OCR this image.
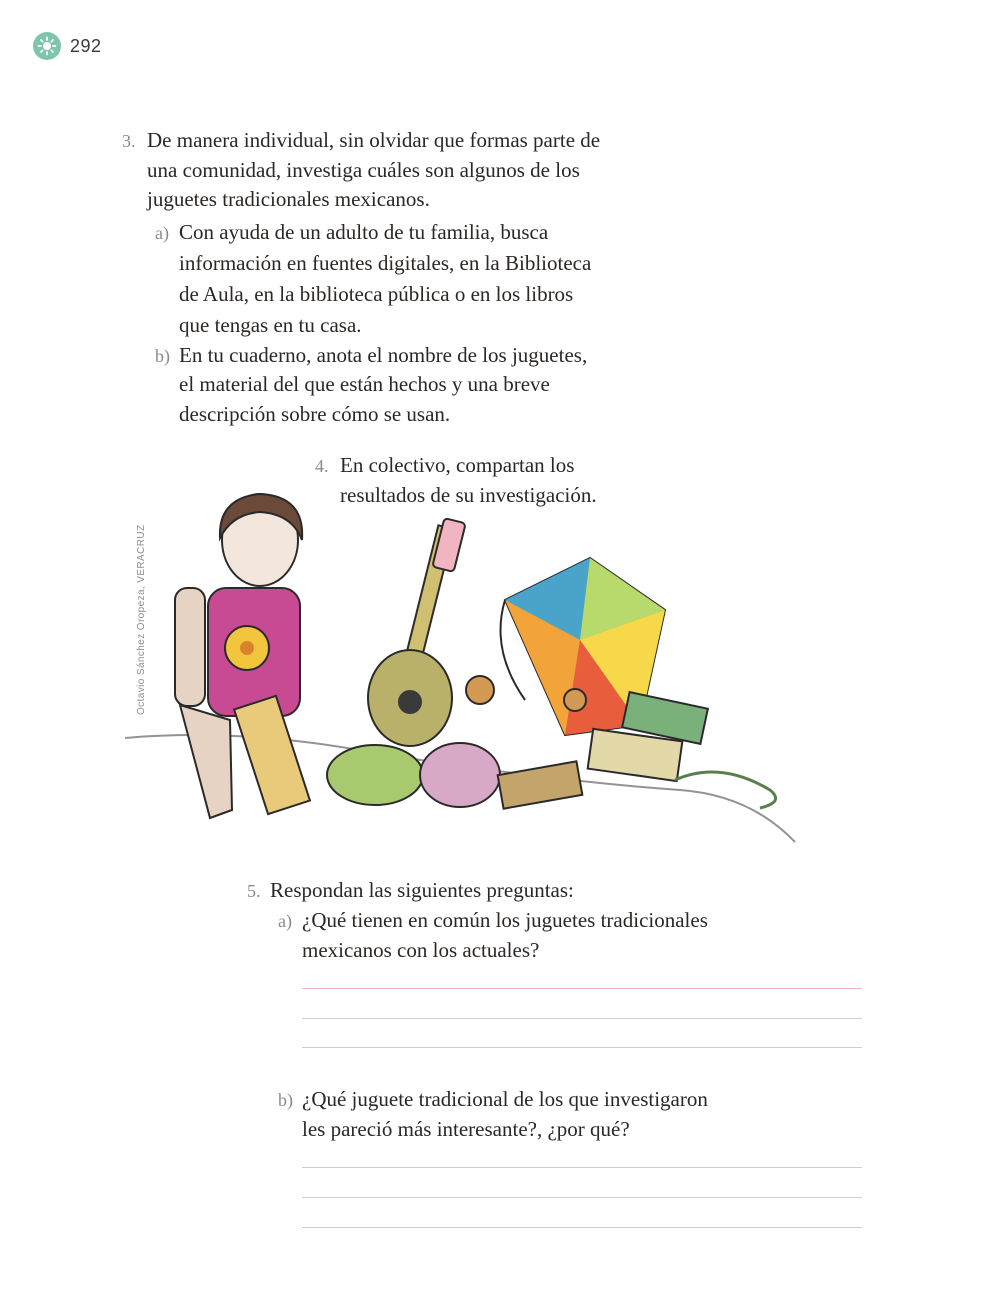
292
3. De manera individual, sin olvidar que formas parte de
una comunidad, investiga cuáles son algunos de los
juguetes tradicionales mexicanos.
a) Con ayuda de un adulto de tu familia, busca
información en fuentes digitales, en la Biblioteca
de Aula, en la biblioteca pública o en los libros
que tengas en tu casa.
b) En tu cuaderno, anota el nombre de los juguetes,
el material del que están hechos y una breve
descripción sobre cómo se usan.
Octavio Sánchez Oropeza, VERACRUZ
4. En colectivo, compartan los
resultados de su investigación.
5. Respondan las siguientes preguntas:
a) ¿Qué tienen en común los juguetes tradicionales
mexicanos con los actuales?
b) ¿Qué juguete tradicional de los que investigaron
les pareció más interesante?, ¿por qué?
